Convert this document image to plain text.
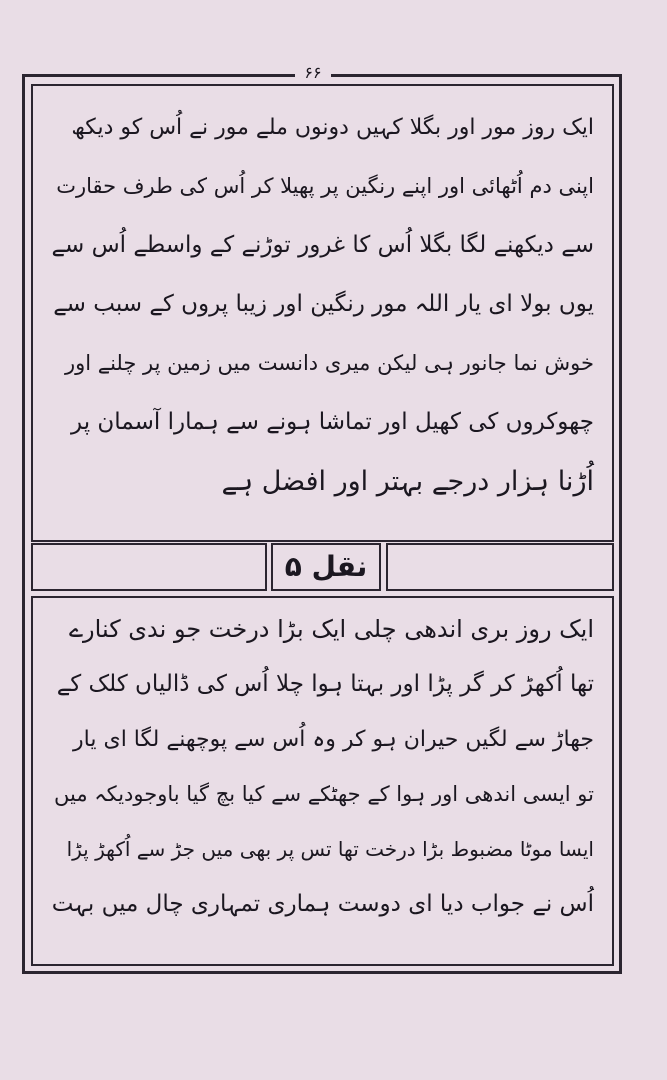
۶۶
ایک روز مور اور بگلا کہیں دونوں ملے مور نے اُس کو دیکھ
اپنی دم اُٹھائی اور اپنے رنگین پر پھیلا کر اُس کی طرف حقارت
سے دیکھنے لگا بگلا اُس کا غرور توڑنے کے واسطے اُس سے
یوں بولا ای یار اللہ مور رنگین اور زیبا پروں کے سبب سے
خوش نما جانور ہی لیکن میری دانست میں زمین پر چلنے اور
چھوکروں کی کھیل اور تماشا ہونے سے ہمارا آسمان پر
اُڑنا ہزار درجے بہتر اور افضل ہے
نقل ۵
ایک روز بری اندھی چلی ایک بڑا درخت جو ندی کنارے
تھا اُکھڑ کر گر پڑا اور بہتا ہوا چلا اُس کی ڈالیاں کلک کے
جھاڑ سے لگیں حیران ہو کر وہ اُس سے پوچھنے لگا ای یار
تو ایسی اندھی اور ہوا کے جھٹکے سے کیا بچ گیا باوجودیکہ میں
ایسا موٹا مضبوط بڑا درخت تھا تس پر بھی میں جڑ سے اُکھڑ پڑا
اُس نے جواب دیا ای دوست ہماری تمہاری چال میں بہت
